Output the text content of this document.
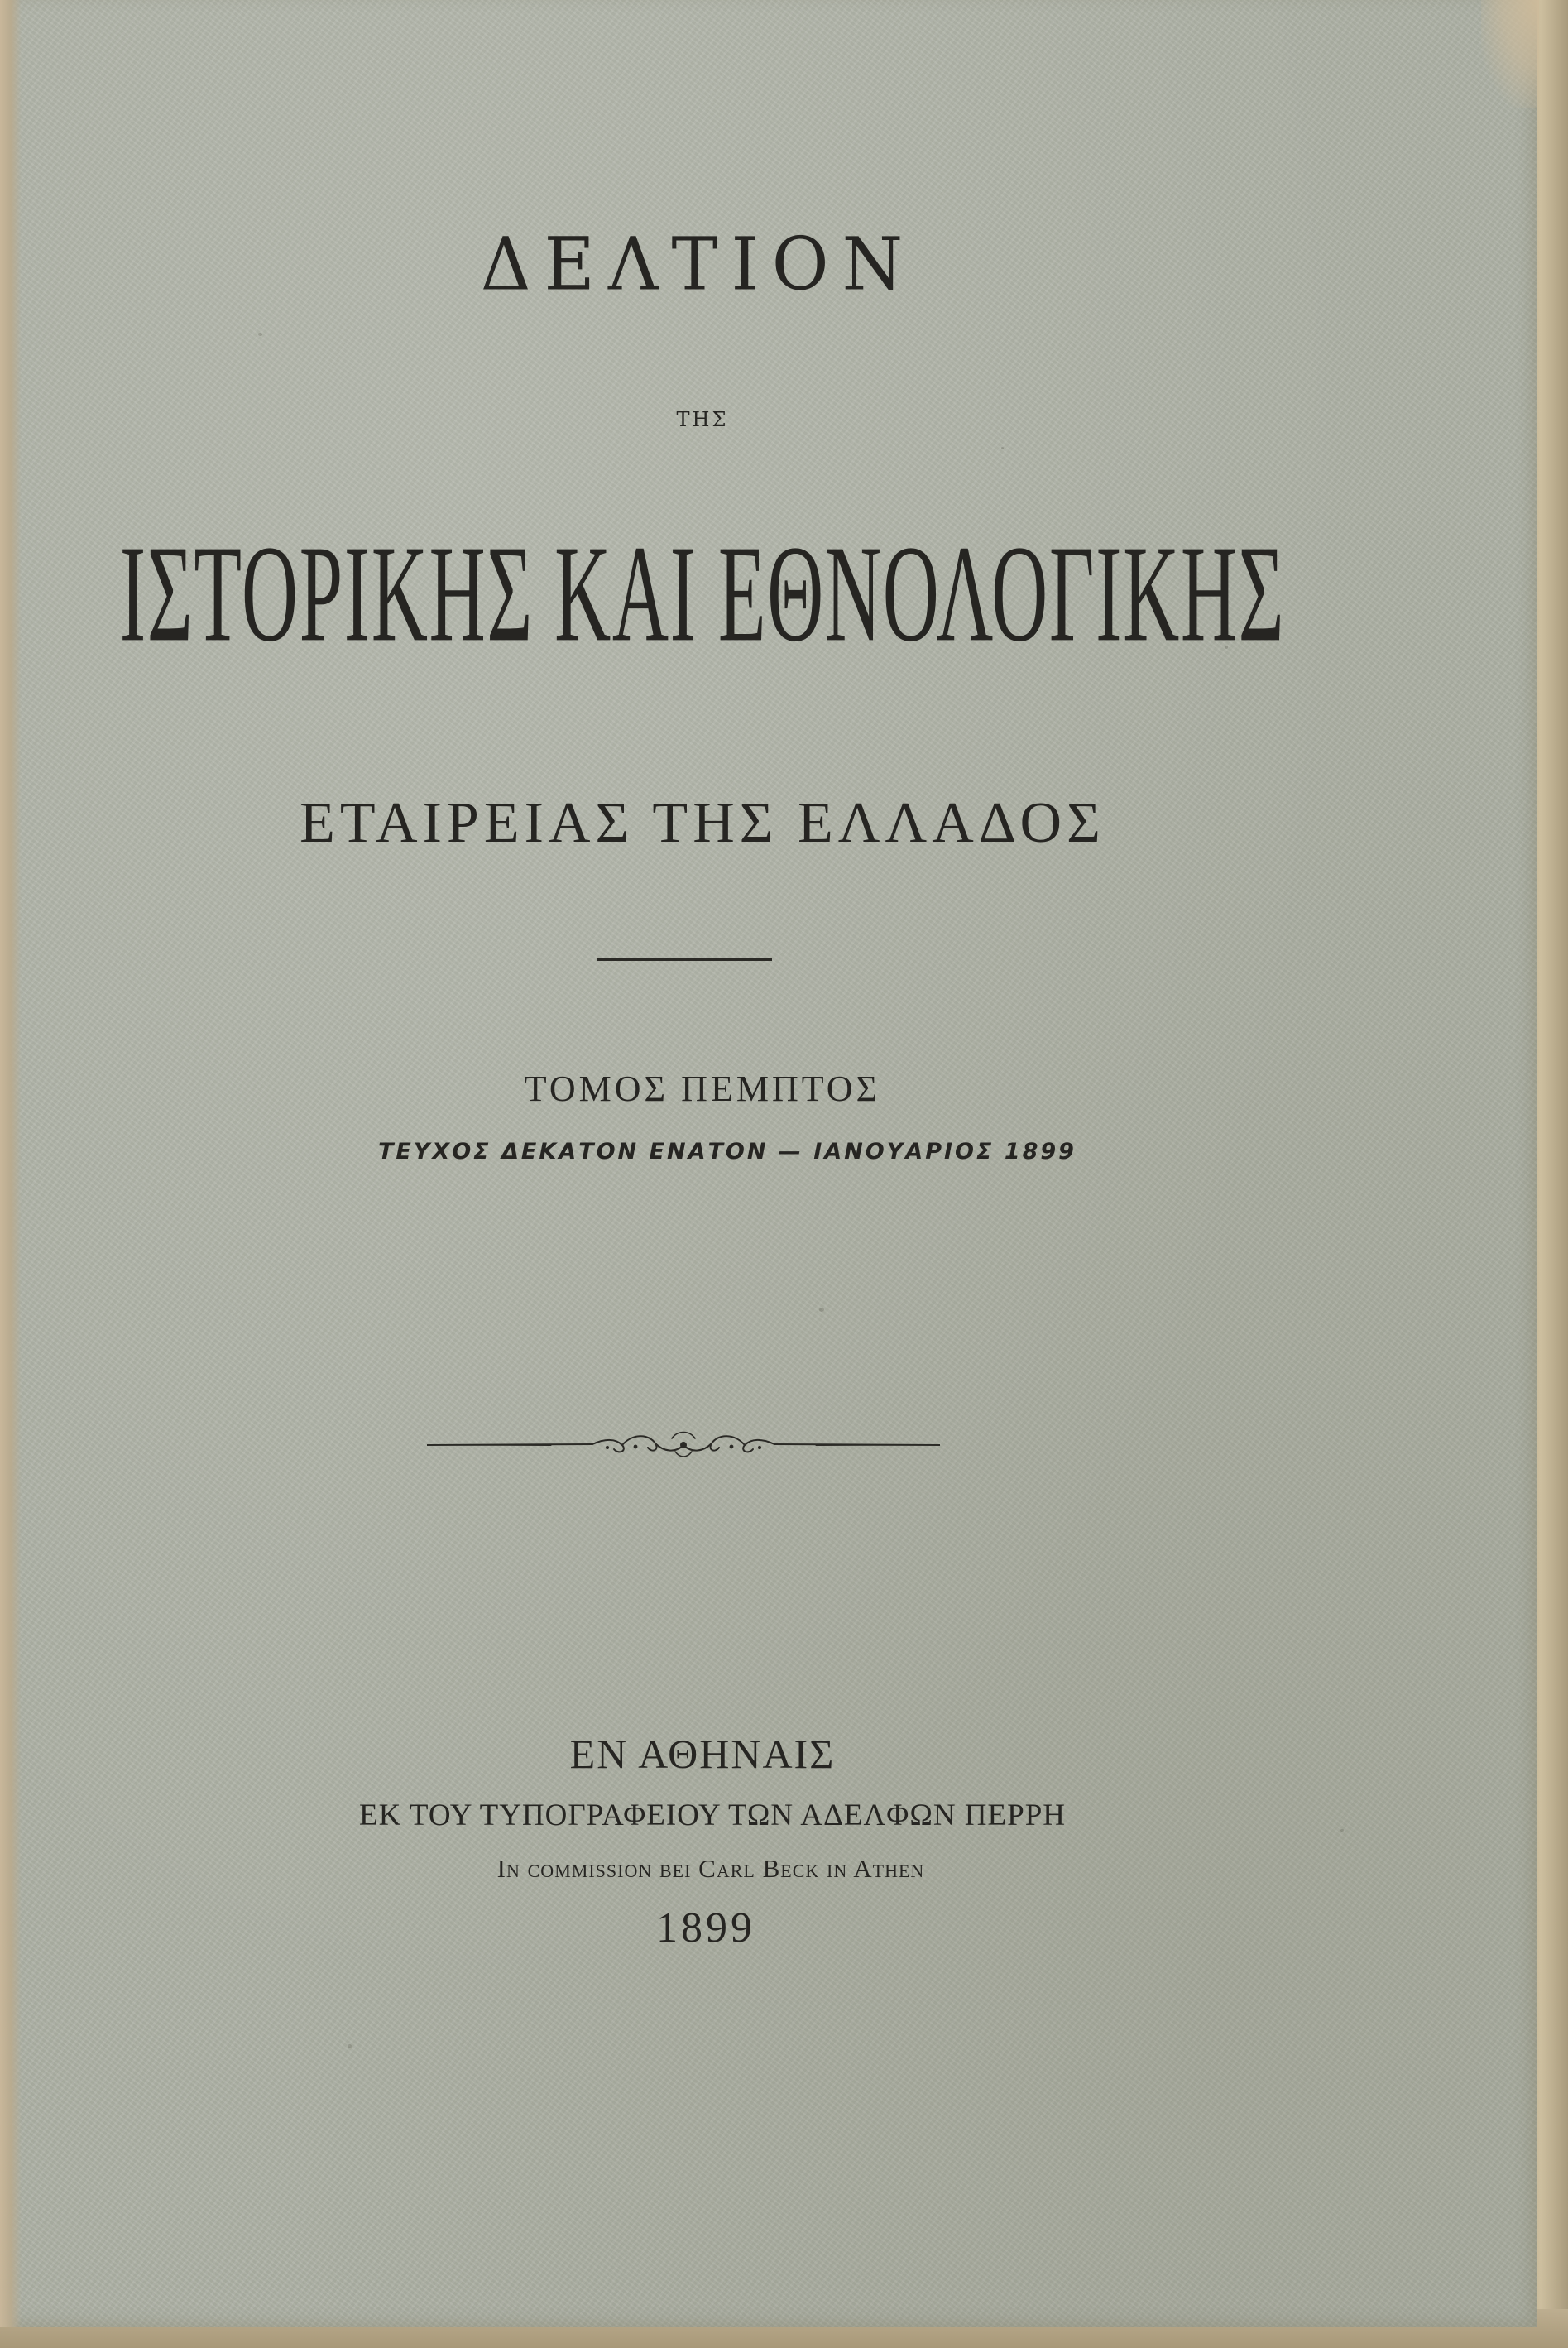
ΔΕΛΤΙΟΝ
ΤΗΣ
ΙΣΤΟΡΙΚΗΣ ΚΑΙ ΕΘΝΟΛΟΓΙΚΗΣ
ΕΤΑΙΡΕΙΑΣ ΤΗΣ ΕΛΛΑΔΟΣ
ΤΟΜΟΣ ΠΕΜΠΤΟΣ
ΤΕΥΧΟΣ ΔΕΚΑΤΟΝ ΕΝΑΤΟΝ — ΙΑΝΟΥΑΡΙΟΣ 1899
ΕΝ ΑΘΗΝΑΙΣ
ΕΚ ΤΟΥ ΤΥΠΟΓΡΑΦΕΙΟΥ ΤΩΝ ΑΔΕΛΦΩΝ ΠΕΡΡΗ
In commission bei Carl Beck in Athen
1899
